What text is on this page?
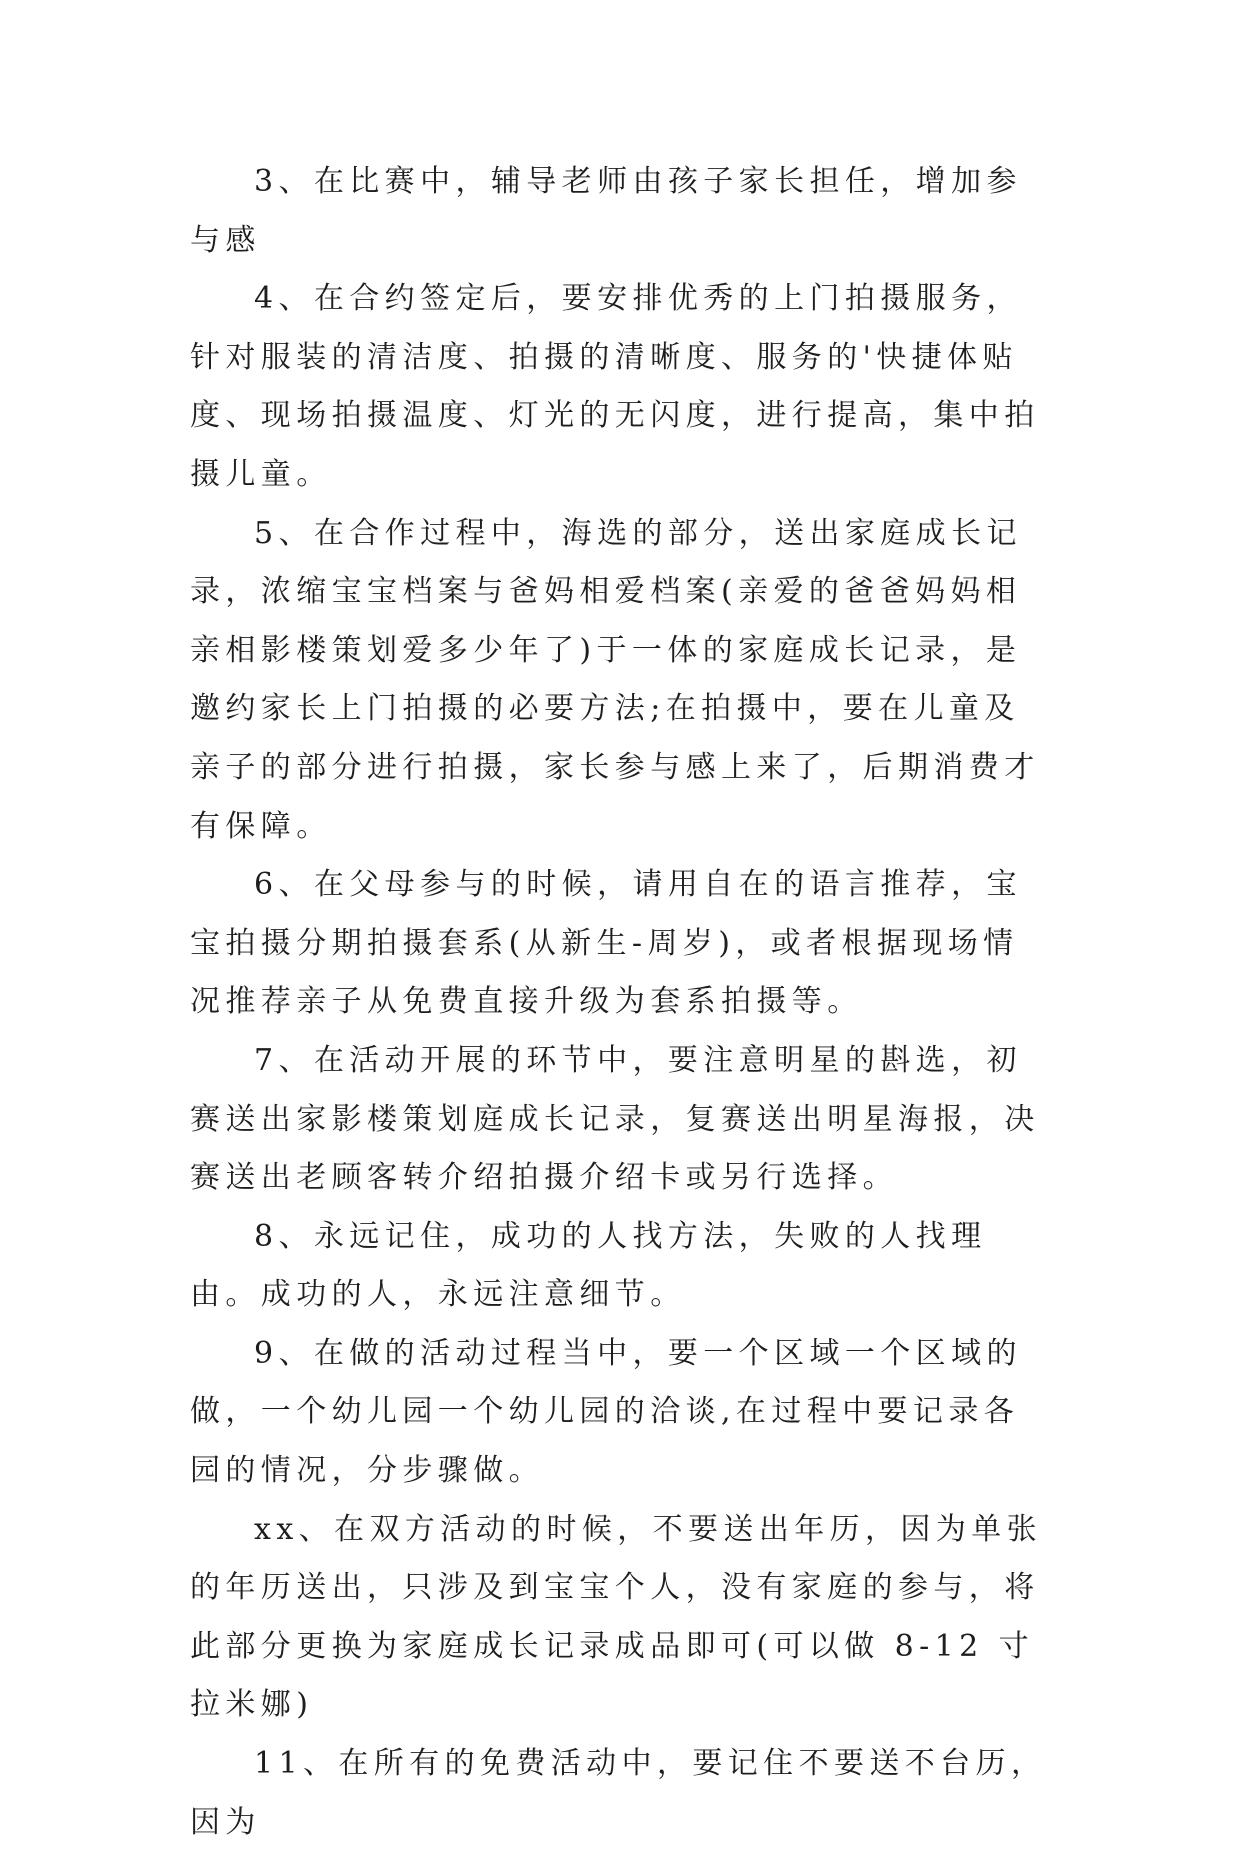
3、在比赛中，辅导老师由孩子家长担任，增加参与感

4、在合约签定后，要安排优秀的上门拍摄服务，针对服装的清洁度、拍摄的清晰度、服务的'快捷体贴度、现场拍摄温度、灯光的无闪度，进行提高，集中拍摄儿童。

5、在合作过程中，海选的部分，送出家庭成长记录，浓缩宝宝档案与爸妈相爱档案(亲爱的爸爸妈妈相亲相影楼策划爱多少年了)于一体的家庭成长记录，是邀约家长上门拍摄的必要方法;在拍摄中，要在儿童及亲子的部分进行拍摄，家长参与感上来了，后期消费才有保障。

6、在父母参与的时候，请用自在的语言推荐，宝宝拍摄分期拍摄套系(从新生-周岁)，或者根据现场情况推荐亲子从免费直接升级为套系拍摄等。

7、在活动开展的环节中，要注意明星的斟选，初赛送出家影楼策划庭成长记录，复赛送出明星海报，决赛送出老顾客转介绍拍摄介绍卡或另行选择。

8、永远记住，成功的人找方法，失败的人找理由。成功的人，永远注意细节。

9、在做的活动过程当中，要一个区域一个区域的做，一个幼儿园一个幼儿园的洽谈,在过程中要记录各园的情况，分步骤做。

xx、在双方活动的时候，不要送出年历，因为单张的年历送出，只涉及到宝宝个人，没有家庭的参与，将此部分更换为家庭成长记录成品即可(可以做 8-12 寸拉米娜)

11、在所有的免费活动中，要记住不要送不台历，因为
